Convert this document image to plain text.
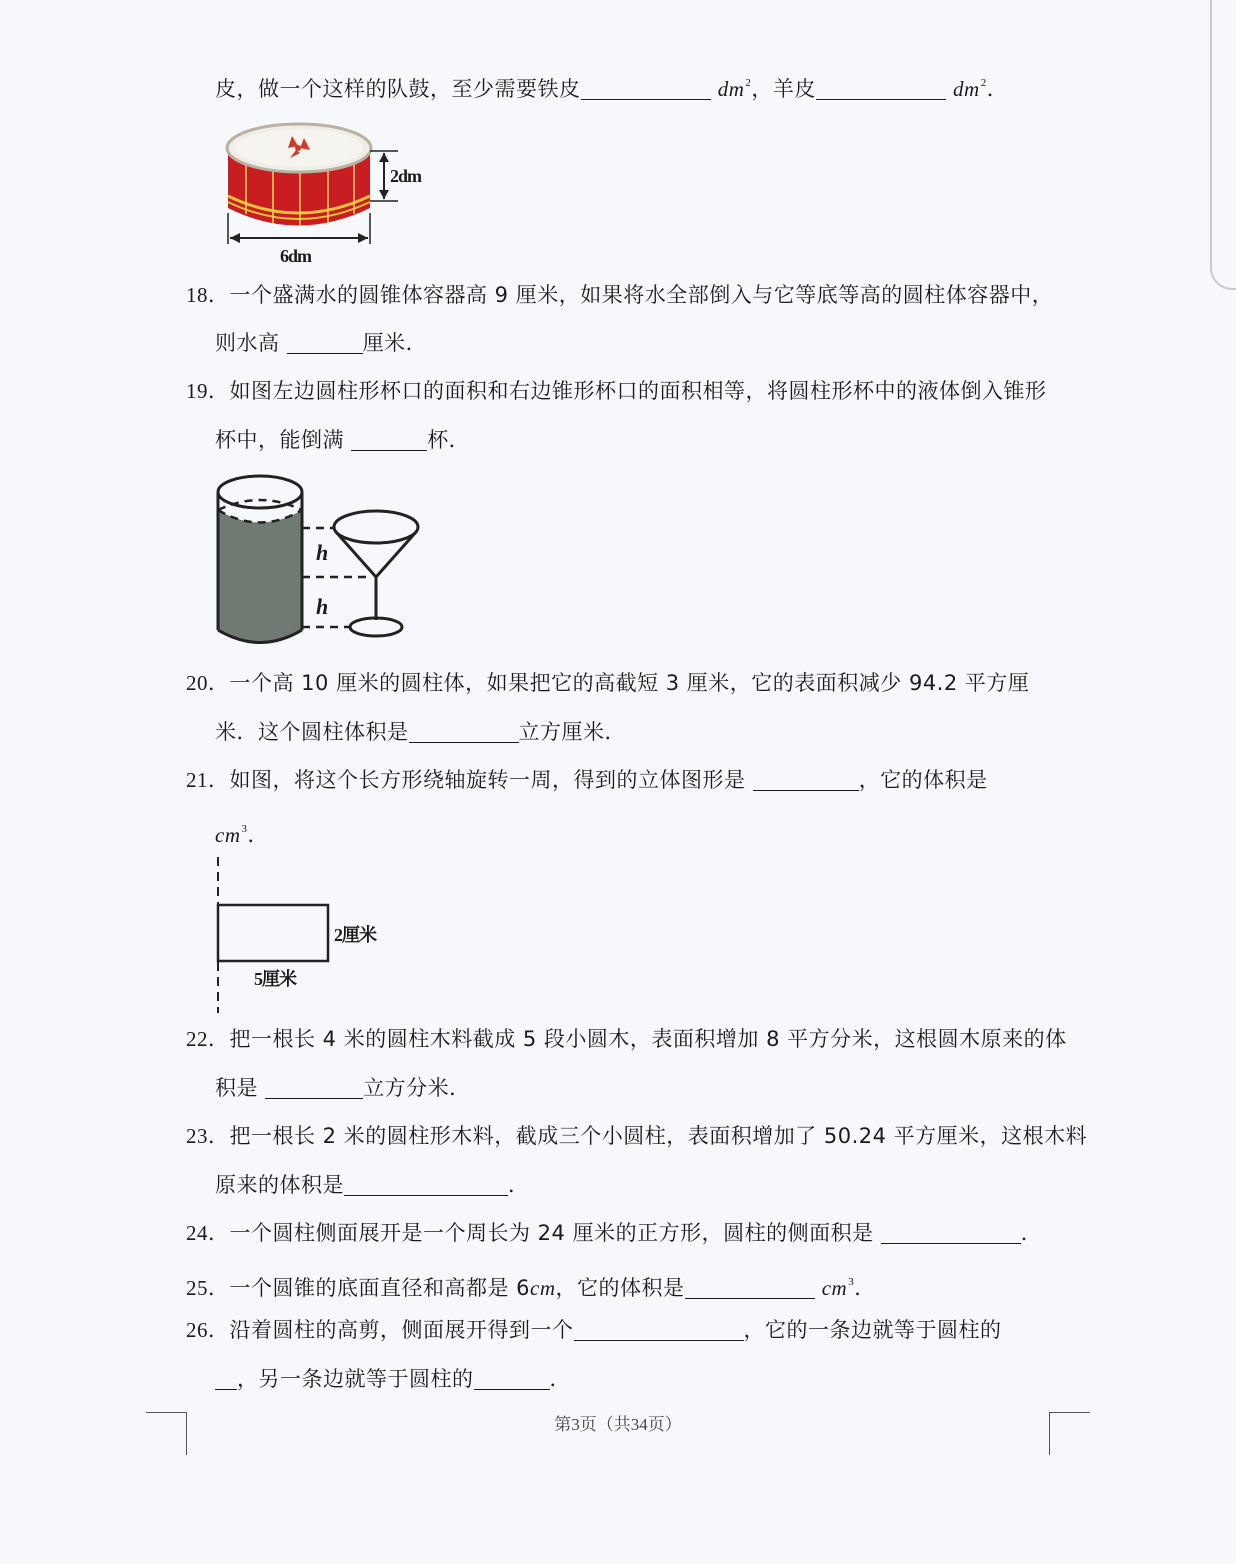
皮，做一个这样的队鼓，至少需要铁皮	$dm^2$，羊皮	$dm^2$．
2dm
6dm
18．一个盛满水的圆锥体容器高 9 厘米，如果将水全部倒入与它等底等高的圆柱体容器中，
则水高	厘米．
19．如图左边圆柱形杯口的面积和右边锥形杯口的面积相等，将圆柱形杯中的液体倒入锥形
杯中，能倒满	杯．
h
h
20．一个高 10 厘米的圆柱体，如果把它的高截短 3 厘米，它的表面积减少 94.2 平方厘
米．这个圆柱体积是	立方厘米．
21．如图，将这个长方形绕轴旋转一周，得到的立体图形是	，它的体积是
$cm^3$．
2厘米
5厘米
22．把一根长 4 米的圆柱木料截成 5 段小圆木，表面积增加 8 平方分米，这根圆木原来的体
积是	立方分米．
23．把一根长 2 米的圆柱形木料，截成三个小圆柱，表面积增加了 50.24 平方厘米，这根木料
原来的体积是	．
24．一个圆柱侧面展开是一个周长为 24 厘米的正方形，圆柱的侧面积是	．
25．一个圆锥的底面直径和高都是 6cm，它的体积是	$cm^3$．
26．沿着圆柱的高剪，侧面展开得到一个	，它的一条边就等于圆柱的
，另一条边就等于圆柱的	．
第3页（共34页）
